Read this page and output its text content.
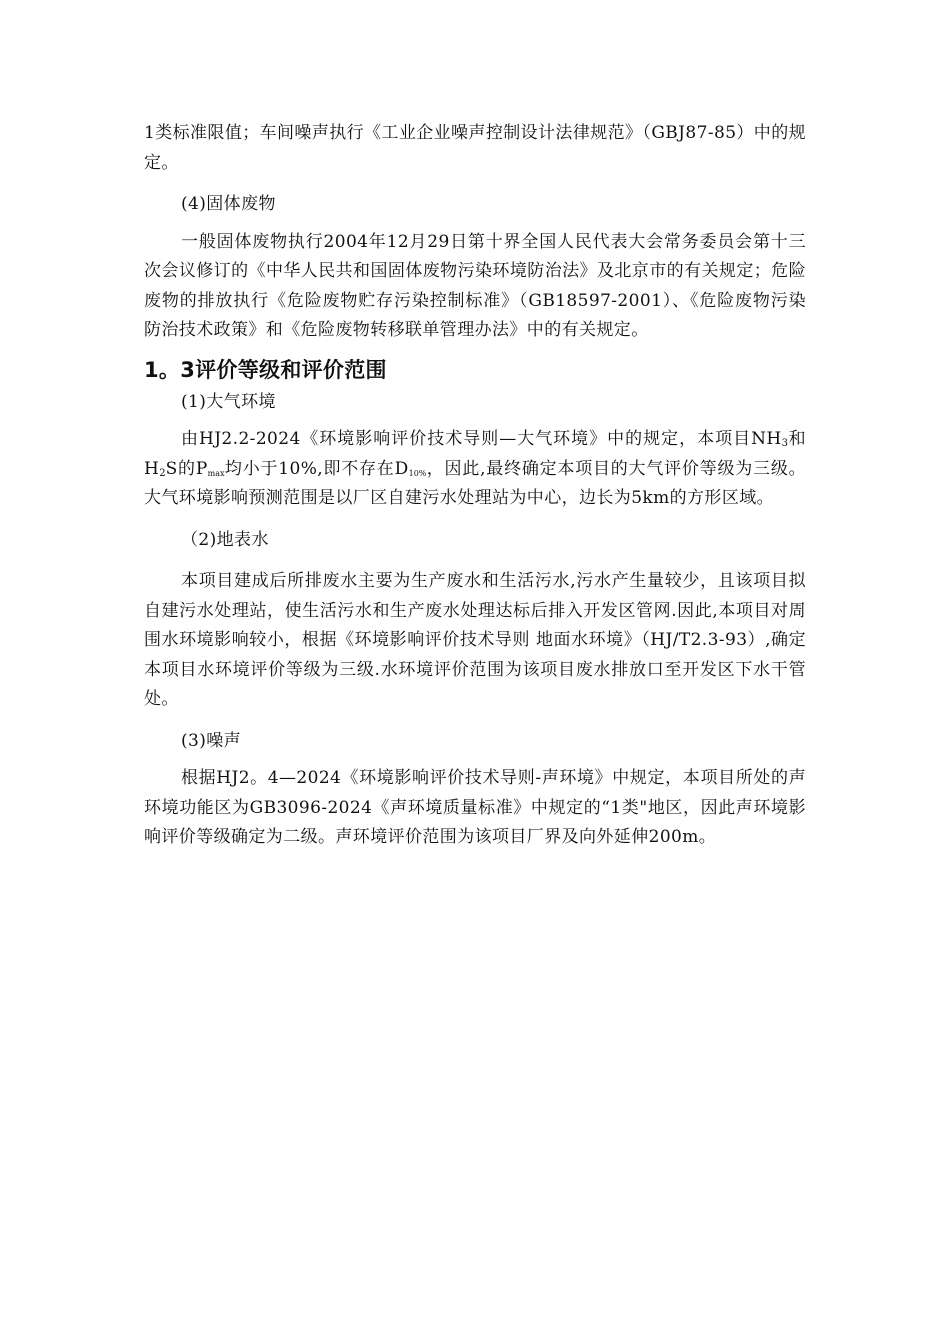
1类标准限值；车间噪声执行《工业企业噪声控制设计法律规范》（GBJ87-85）中的规定。

(4)固体废物

一般固体废物执行2004年12月29日第十界全国人民代表大会常务委员会第十三次会议修订的《中华人民共和国固体废物污染环境防治法》及北京市的有关规定；危险废物的排放执行《危险废物贮存污染控制标准》（GB18597-2001）、《危险废物污染防治技术政策》和《危险废物转移联单管理办法》中的有关规定。

1。3评价等级和评价范围

(1)大气环境

由HJ2.2-2024《环境影响评价技术导则—大气环境》中的规定，本项目$NH_3$和$H_2S$的$P_{max}$均小于10%,即不存在$D_{10\%}$，因此,最终确定本项目的大气评价等级为三级。大气环境影响预测范围是以厂区自建污水处理站为中心，边长为5km的方形区域。

（2)地表水

本项目建成后所排废水主要为生产废水和生活污水,污水产生量较少，且该项目拟自建污水处理站，使生活污水和生产废水处理达标后排入开发区管网.因此,本项目对周围水环境影响较小，根据《环境影响评价技术导则 地面水环境》（HJ/T2.3-93）,确定本项目水环境评价等级为三级.水环境评价范围为该项目废水排放口至开发区下水干管处。

(3)噪声

根据HJ2。4—2024《环境影响评价技术导则-声环境》中规定，本项目所处的声环境功能区为GB3096-2024《声环境质量标准》中规定的“1类"地区，因此声环境影响评价等级确定为二级。声环境评价范围为该项目厂界及向外延伸200m。
